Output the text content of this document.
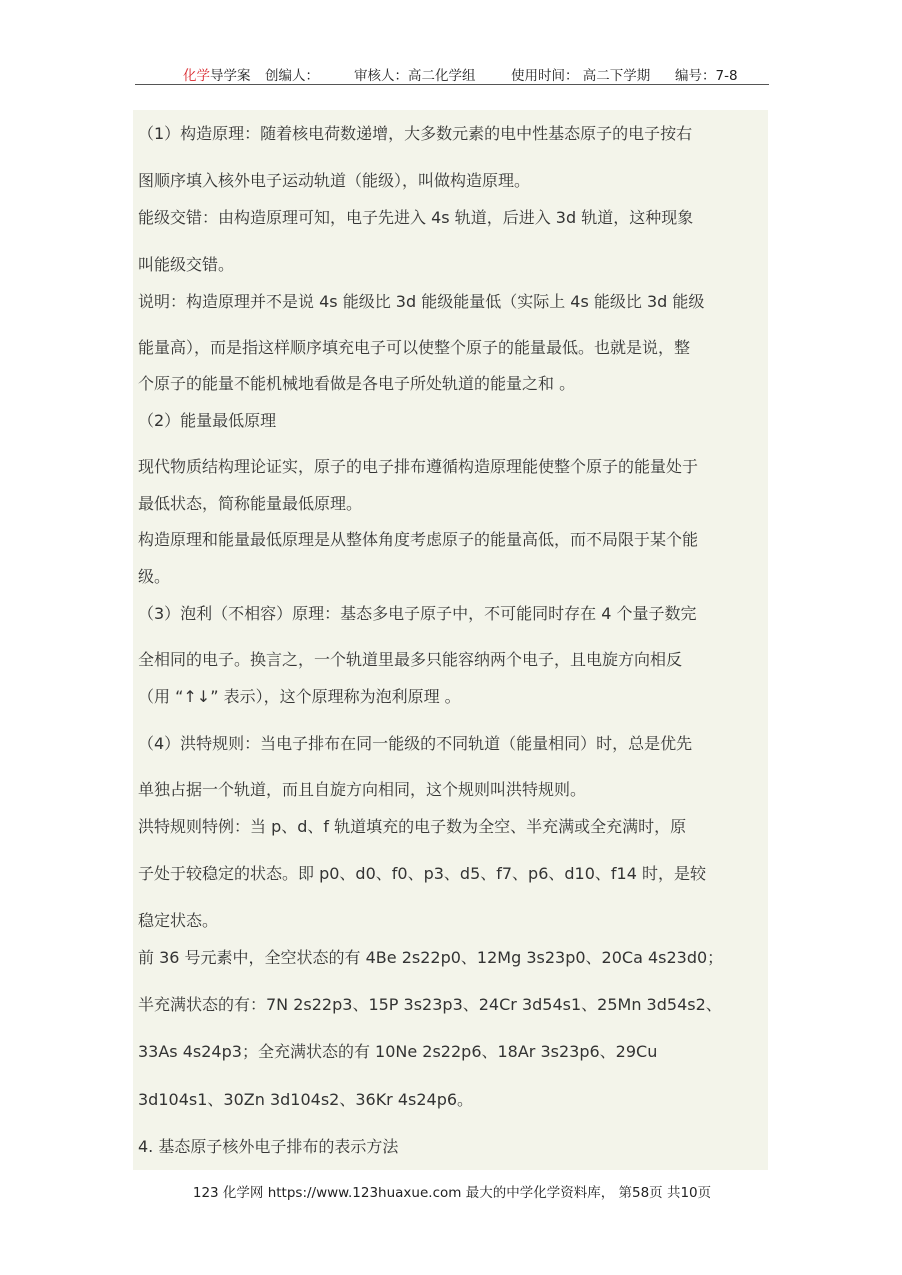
化学导学案 创编人：	审核人：高二化学组	使用时间： 高二下学期 编号：7-8
（1）构造原理：随着核电荷数递增，大多数元素的电中性基态原子的电子按右
图顺序填入核外电子运动轨道（能级），叫做构造原理。
能级交错：由构造原理可知，电子先进入 4s 轨道，后进入 3d 轨道，这种现象
叫能级交错。
说明：构造原理并不是说 4s 能级比 3d 能级能量低（实际上 4s 能级比 3d 能级
能量高），而是指这样顺序填充电子可以使整个原子的能量最低。也就是说，整
个原子的能量不能机械地看做是各电子所处轨道的能量之和 。
（2）能量最低原理
现代物质结构理论证实，原子的电子排布遵循构造原理能使整个原子的能量处于
最低状态，简称能量最低原理。
构造原理和能量最低原理是从整体角度考虑原子的能量高低，而不局限于某个能
级。
（3）泡利（不相容）原理：基态多电子原子中，不可能同时存在 4 个量子数完
全相同的电子。换言之，一个轨道里最多只能容纳两个电子，且电旋方向相反
（用 “↑↓” 表示），这个原理称为泡利原理 。
（4）洪特规则：当电子排布在同一能级的不同轨道（能量相同）时，总是优先
单独占据一个轨道，而且自旋方向相同，这个规则叫洪特规则。
洪特规则特例：当 p、d、f 轨道填充的电子数为全空、半充满或全充满时，原
子处于较稳定的状态。即 p0、d0、f0、p3、d5、f7、p6、d10、f14 时，是较
稳定状态。
前 36 号元素中，全空状态的有 4Be 2s22p0、12Mg 3s23p0、20Ca 4s23d0；
半充满状态的有：7N 2s22p3、15P 3s23p3、24Cr 3d54s1、25Mn 3d54s2、
33As 4s24p3；全充满状态的有 10Ne 2s22p6、18Ar 3s23p6、29Cu
3d104s1、30Zn 3d104s2、36Kr 4s24p6。
4. 基态原子核外电子排布的表示方法
123 化学网 https://www.123huaxue.com 最大的中学化学资料库， 第58页 共10页
